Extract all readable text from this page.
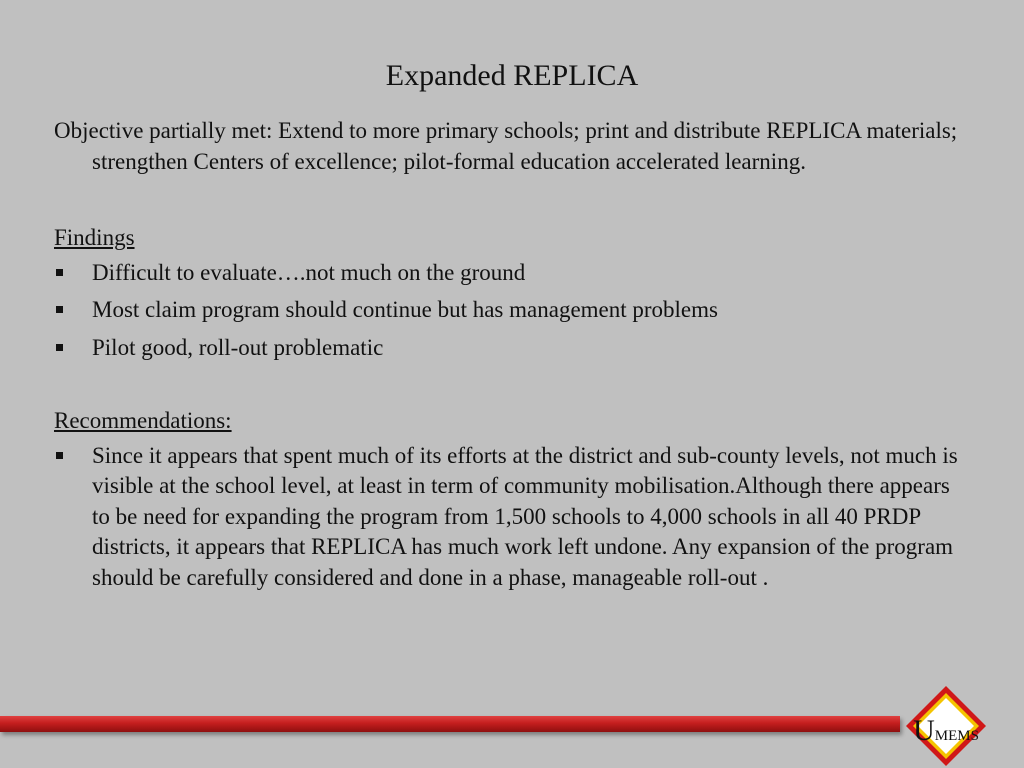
Expanded REPLICA

Objective partially met: Extend to more primary schools; print and distribute REPLICA materials; strengthen Centers of excellence; pilot-formal education accelerated learning.

Findings

Difficult to evaluate….not much on the ground
Most claim program should continue but has management problems
Pilot good, roll-out problematic

Recommendations:

Since it appears that spent much of its efforts at the district and sub-county levels, not much is visible at the school level, at least in term of community mobilisation.Although there appears to be need for expanding the program from 1,500 schools to 4,000 schools in all 40 PRDP districts, it appears that REPLICA has much work left undone. Any expansion of the program should be carefully considered and done in a phase, manageable roll-out .
UMEMS
